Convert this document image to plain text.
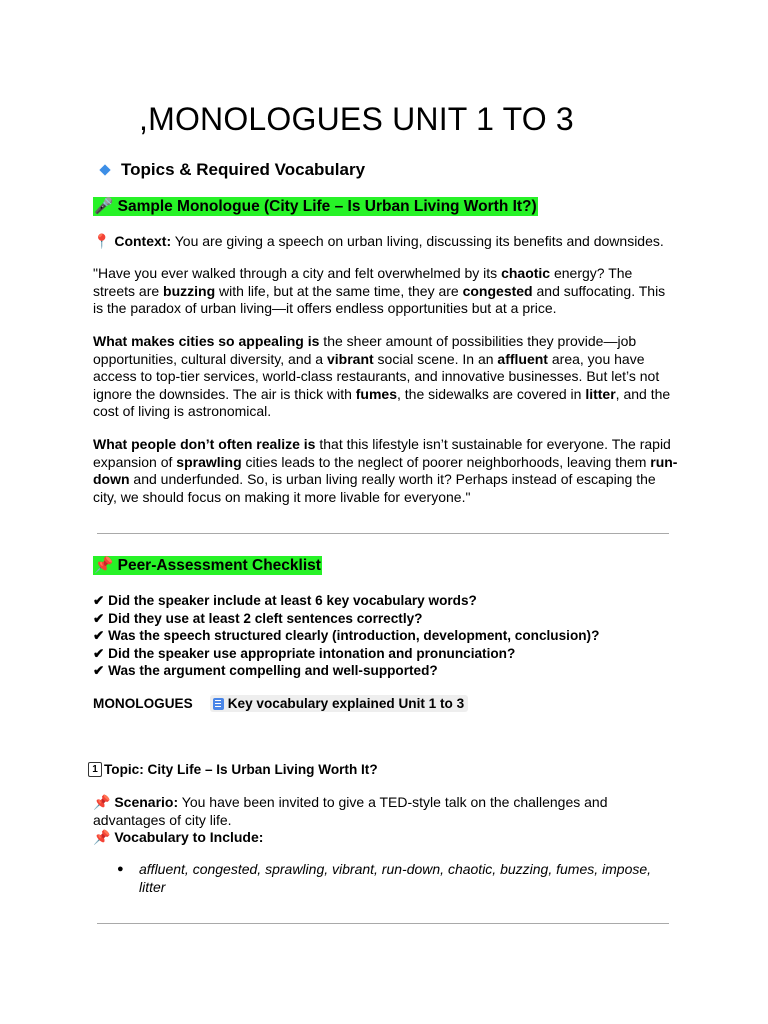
,MONOLOGUES UNIT 1 TO 3
Topics & Required Vocabulary
🎤 Sample Monologue (City Life – Is Urban Living Worth It?)
📍 Context: You are giving a speech on urban living, discussing its benefits and downsides.
"Have you ever walked through a city and felt overwhelmed by its chaotic energy? The streets are buzzing with life, but at the same time, they are congested and suffocating. This is the paradox of urban living—it offers endless opportunities but at a price.
What makes cities so appealing is the sheer amount of possibilities they provide—job opportunities, cultural diversity, and a vibrant social scene. In an affluent area, you have access to top-tier services, world-class restaurants, and innovative businesses. But let’s not ignore the downsides. The air is thick with fumes, the sidewalks are covered in litter, and the cost of living is astronomical.
What people don’t often realize is that this lifestyle isn’t sustainable for everyone. The rapid expansion of sprawling cities leads to the neglect of poorer neighborhoods, leaving them run-down and underfunded. So, is urban living really worth it? Perhaps instead of escaping the city, we should focus on making it more livable for everyone."
📌 Peer-Assessment Checklist
✔ Did the speaker include at least 6 key vocabulary words?
✔ Did they use at least 2 cleft sentences correctly?
✔ Was the speech structured clearly (introduction, development, conclusion)?
✔ Did the speaker use appropriate intonation and pronunciation?
✔ Was the argument compelling and well-supported?
MONOLOGUES	Key vocabulary explained Unit 1 to 3
1 Topic: City Life – Is Urban Living Worth It?
📌 Scenario: You have been invited to give a TED-style talk on the challenges and advantages of city life.
📌 Vocabulary to Include:
●	affluent, congested, sprawling, vibrant, run-down, chaotic, buzzing, fumes, impose, litter
